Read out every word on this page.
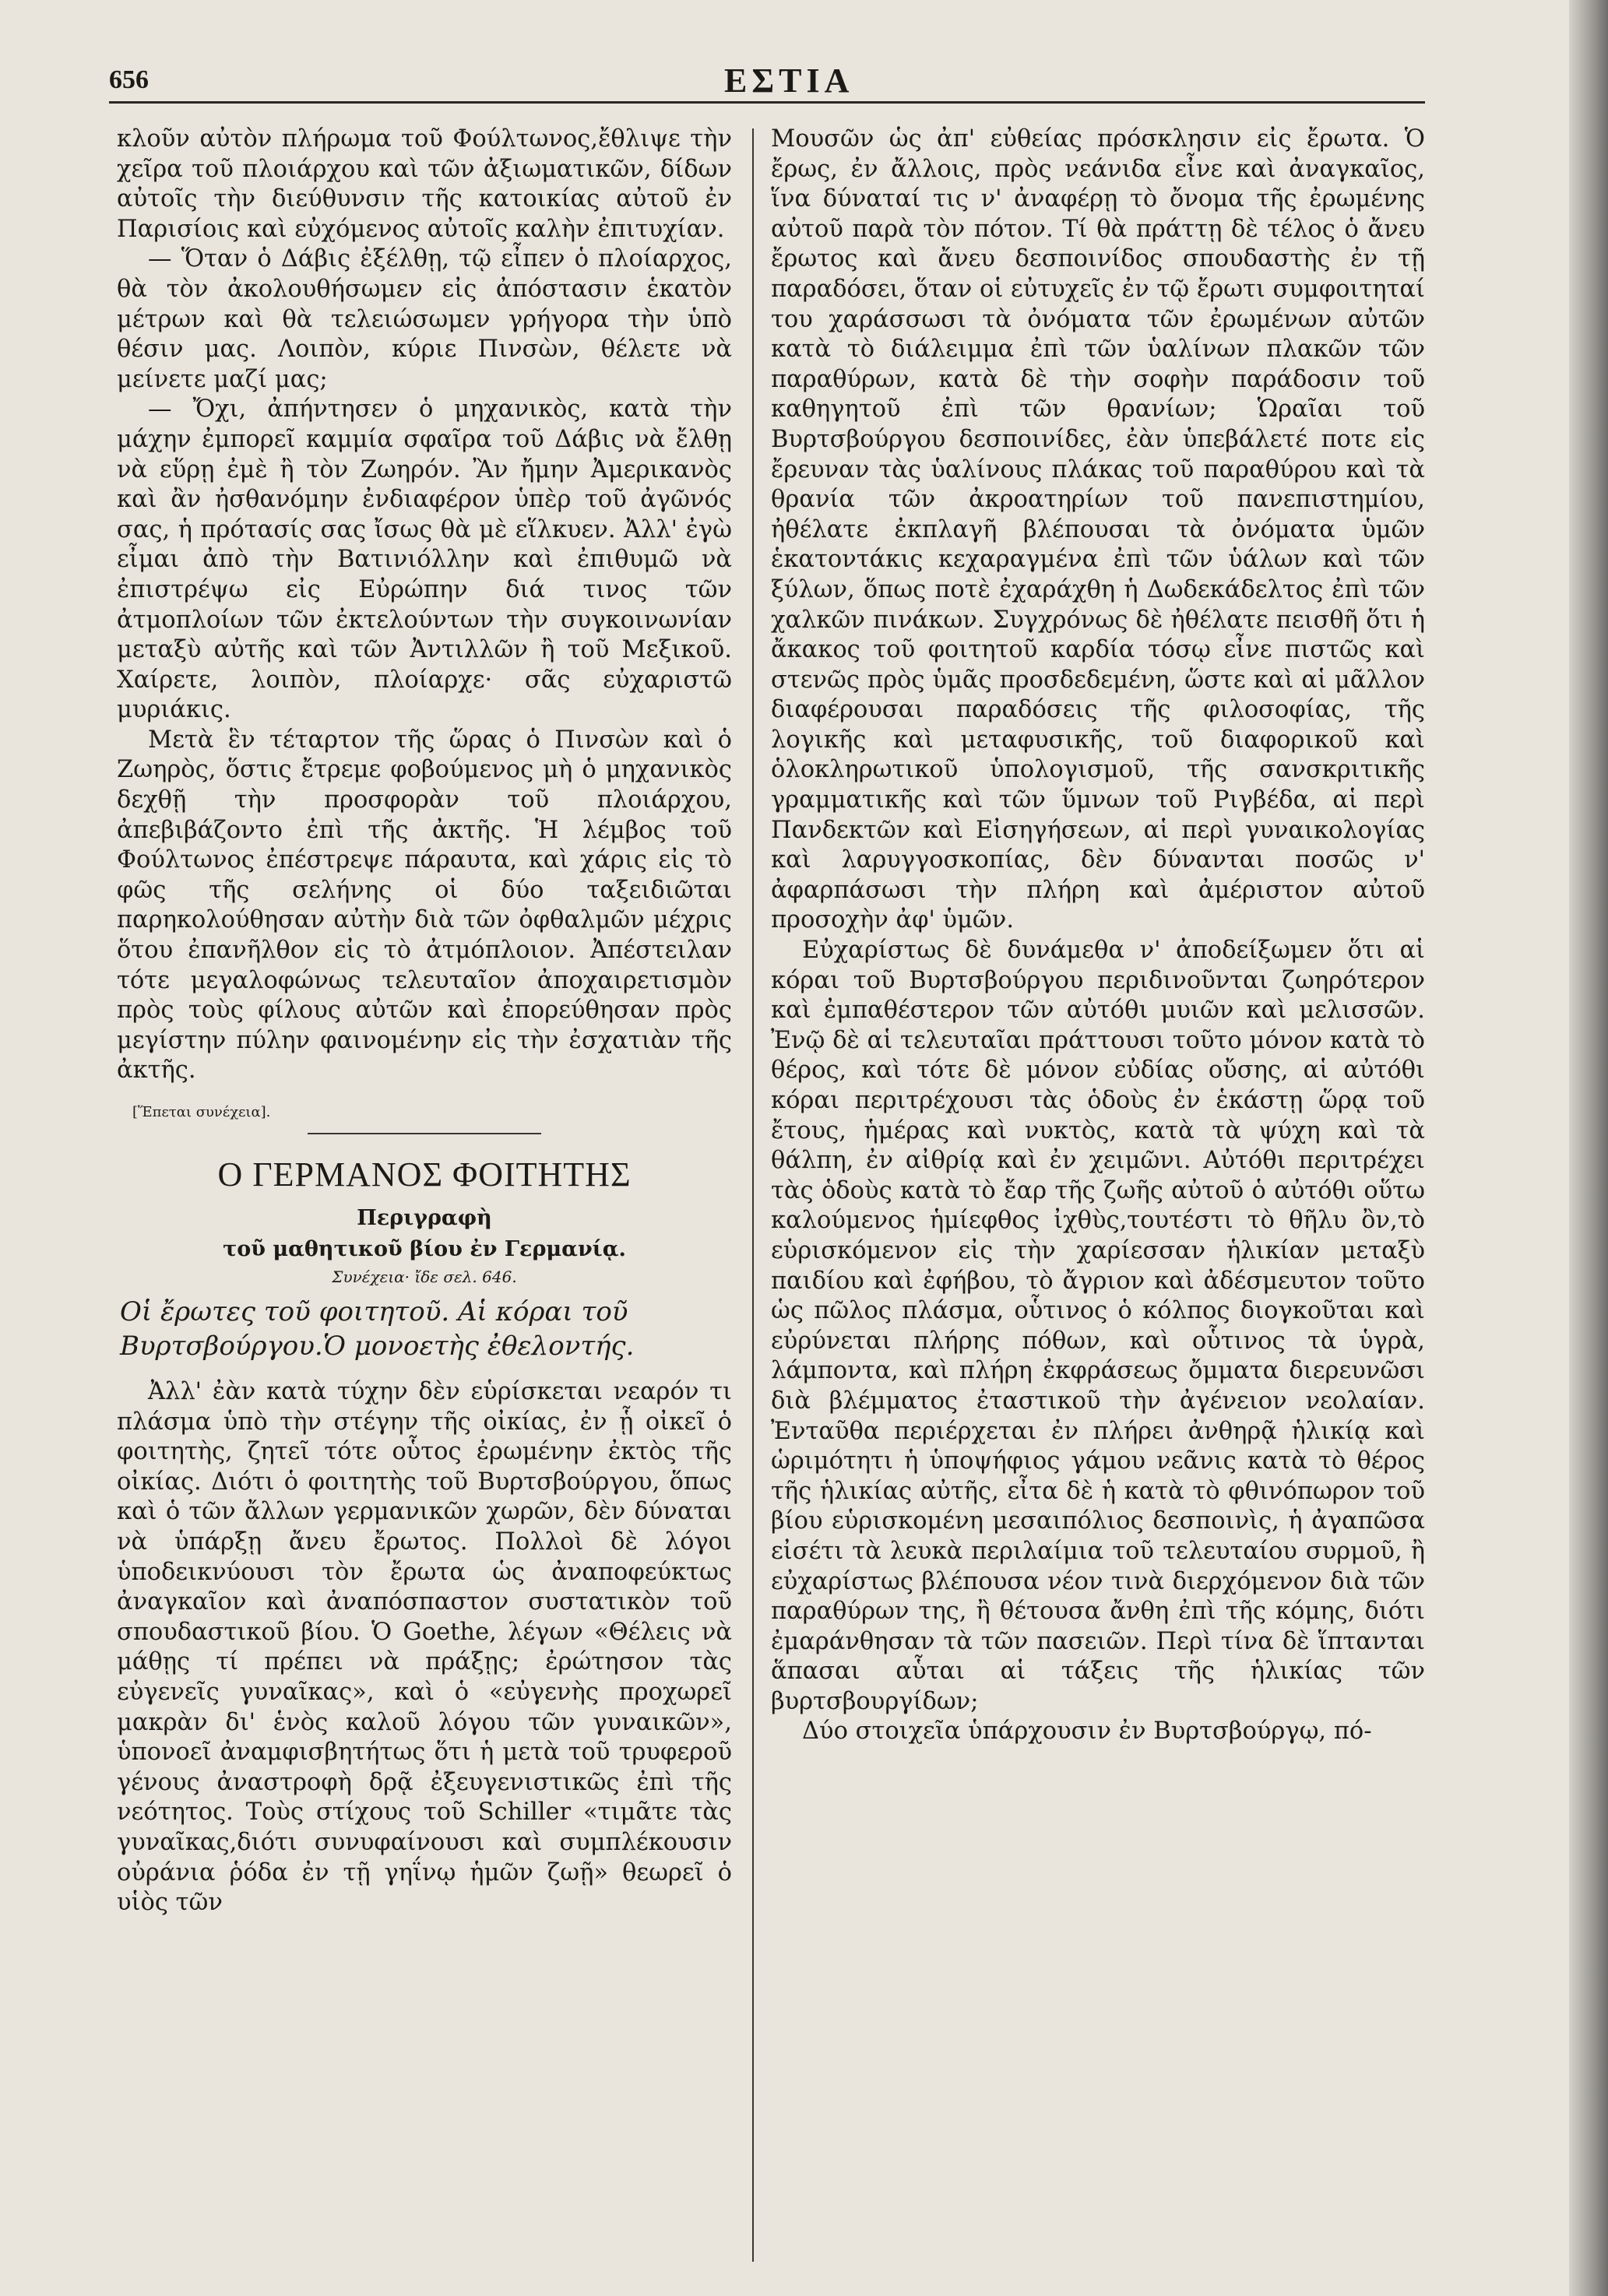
656	ΕΣΤΙΑ

κλοῦν αὐτὸν πλήρωμα τοῦ Φούλτωνος,ἔθλιψε τὴν χεῖρα τοῦ πλοιάρχου καὶ τῶν ἀξιωματικῶν, δίδων αὐτοῖς τὴν διεύθυνσιν τῆς κατοικίας αὐτοῦ ἐν Παρισίοις καὶ εὐχόμενος αὐτοῖς καλὴν ἐπιτυχίαν.

— Ὅταν ὁ Δάβις ἐξέλθῃ, τῷ εἶπεν ὁ πλοίαρχος, θὰ τὸν ἀκολουθήσωμεν εἰς ἀπόστασιν ἑκατὸν μέτρων καὶ θὰ τελειώσωμεν γρήγορα τὴν ὑπὸ θέσιν μας. Λοιπὸν, κύριε Πινσὼν, θέλετε νὰ μείνετε μαζί μας;

— Ὄχι, ἀπήντησεν ὁ μηχανικὸς, κατὰ τὴν μάχην ἐμπορεῖ καμμία σφαῖρα τοῦ Δάβις νὰ ἔλθῃ νὰ εὕρῃ ἐμὲ ἢ τὸν Ζωηρόν. Ἂν ἤμην Ἀμερικανὸς καὶ ἂν ἠσθανόμην ἐνδιαφέρον ὑπὲρ τοῦ ἀγῶνός σας, ἡ πρότασίς σας ἴσως θὰ μὲ εἵλκυεν. Ἀλλ' ἐγὼ εἶμαι ἀπὸ τὴν Βατινιόλλην καὶ ἐπιθυμῶ νὰ ἐπιστρέψω εἰς Εὐρώπην διά τινος τῶν ἀτμοπλοίων τῶν ἐκτελούντων τὴν συγκοινωνίαν μεταξὺ αὐτῆς καὶ τῶν Ἀντιλλῶν ἢ τοῦ Μεξικοῦ. Χαίρετε, λοιπὸν, πλοίαρχε· σᾶς εὐχαριστῶ μυριάκις.

Μετὰ ἓν τέταρτον τῆς ὥρας ὁ Πινσὼν καὶ ὁ Ζωηρὸς, ὅστις ἔτρεμε φοβούμενος μὴ ὁ μηχανικὸς δεχθῇ τὴν προσφορὰν τοῦ πλοιάρχου, ἀπεβιβάζοντο ἐπὶ τῆς ἀκτῆς. Ἡ λέμβος τοῦ Φούλτωνος ἐπέστρεψε πάραυτα, καὶ χάρις εἰς τὸ φῶς τῆς σελήνης οἱ δύο ταξειδιῶται παρηκολούθησαν αὐτὴν διὰ τῶν ὀφθαλμῶν μέχρις ὅτου ἐπανῆλθον εἰς τὸ ἀτμόπλοιον. Ἀπέστειλαν τότε μεγαλοφώνως τελευταῖον ἀποχαιρετισμὸν πρὸς τοὺς φίλους αὐτῶν καὶ ἐπορεύθησαν πρὸς μεγίστην πύλην φαινομένην εἰς τὴν ἐσχατιὰν τῆς ἀκτῆς.

[Ἕπεται συνέχεια].
Ο ΓΕΡΜΑΝΟΣ ΦΟΙΤΗΤΗΣ
Περιγραφὴ
τοῦ μαθητικοῦ βίου ἐν Γερμανίᾳ.
Συνέχεια· ἴδε σελ. 646.
Οἱ ἔρωτες τοῦ φοιτητοῦ. Αἱ κόραι τοῦ Βυρτσβούργου.Ὁ μονοετὴς ἐθελοντής.

Ἀλλ' ἐὰν κατὰ τύχην δὲν εὑρίσκεται νεαρόν τι πλάσμα ὑπὸ τὴν στέγην τῆς οἰκίας, ἐν ᾗ οἰκεῖ ὁ φοιτητὴς, ζητεῖ τότε οὗτος ἐρωμένην ἐκτὸς τῆς οἰκίας. Διότι ὁ φοιτητὴς τοῦ Βυρτσβούργου, ὅπως καὶ ὁ τῶν ἄλλων γερμανικῶν χωρῶν, δὲν δύναται νὰ ὑπάρξῃ ἄνευ ἔρωτος. Πολλοὶ δὲ λόγοι ὑποδεικνύουσι τὸν ἔρωτα ὡς ἀναποφεύκτως ἀναγκαῖον καὶ ἀναπόσπαστον συστατικὸν τοῦ σπουδαστικοῦ βίου. Ὁ Goethe, λέγων «Θέλεις νὰ μάθῃς τί πρέπει νὰ πράξῃς; ἐρώτησον τὰς εὐγενεῖς γυναῖκας», καὶ ὁ «εὐγενὴς προχωρεῖ μακρὰν δι' ἑνὸς καλοῦ λόγου τῶν γυναικῶν», ὑπονοεῖ ἀναμφισβητήτως ὅτι ἡ μετὰ τοῦ τρυφεροῦ γένους ἀναστροφὴ δρᾷ ἐξευγενιστικῶς ἐπὶ τῆς νεότητος. Τοὺς στίχους τοῦ Schiller «τιμᾶτε τὰς γυναῖκας,διότι συνυφαίνουσι καὶ συμπλέκουσιν οὐράνια ῥόδα ἐν τῇ γηΐνῳ ἡμῶν ζωῇ» θεωρεῖ ὁ υἱὸς τῶν

Μουσῶν ὡς ἀπ' εὐθείας πρόσκλησιν εἰς ἔρωτα. Ὁ ἔρως, ἐν ἄλλοις, πρὸς νεάνιδα εἶνε καὶ ἀναγκαῖος, ἵνα δύναταί τις ν' ἀναφέρῃ τὸ ὄνομα τῆς ἐρωμένης αὐτοῦ παρὰ τὸν πότον. Τί θὰ πράττῃ δὲ τέλος ὁ ἄνευ ἔρωτος καὶ ἄνευ δεσποινίδος σπουδαστὴς ἐν τῇ παραδόσει, ὅταν οἱ εὐτυχεῖς ἐν τῷ ἔρωτι συμφοιτηταί του χαράσσωσι τὰ ὀνόματα τῶν ἐρωμένων αὐτῶν κατὰ τὸ διάλειμμα ἐπὶ τῶν ὑαλίνων πλακῶν τῶν παραθύρων, κατὰ δὲ τὴν σοφὴν παράδοσιν τοῦ καθηγητοῦ ἐπὶ τῶν θρανίων; Ὡραῖαι τοῦ Βυρτσβούργου δεσποινίδες, ἐὰν ὑπεβάλετέ ποτε εἰς ἔρευναν τὰς ὑαλίνους πλάκας τοῦ παραθύρου καὶ τὰ θρανία τῶν ἀκροατηρίων τοῦ πανεπιστημίου, ἠθέλατε ἐκπλαγῆ βλέπουσαι τὰ ὀνόματα ὑμῶν ἑκατοντάκις κεχαραγμένα ἐπὶ τῶν ὑάλων καὶ τῶν ξύλων, ὅπως ποτὲ ἐχαράχθη ἡ Δωδεκάδελτος ἐπὶ τῶν χαλκῶν πινάκων. Συγχρόνως δὲ ἠθέλατε πεισθῆ ὅτι ἡ ἄκακος τοῦ φοιτητοῦ καρδία τόσῳ εἶνε πιστῶς καὶ στενῶς πρὸς ὑμᾶς προσδεδεμένη, ὥστε καὶ αἱ μᾶλλον διαφέρουσαι παραδόσεις τῆς φιλοσοφίας, τῆς λογικῆς καὶ μεταφυσικῆς, τοῦ διαφορικοῦ καὶ ὁλοκληρωτικοῦ ὑπολογισμοῦ, τῆς σανσκριτικῆς γραμματικῆς καὶ τῶν ὕμνων τοῦ Ριγβέδα, αἱ περὶ Πανδεκτῶν καὶ Εἰσηγήσεων, αἱ περὶ γυναικολογίας καὶ λαρυγγοσκοπίας, δὲν δύνανται ποσῶς ν' ἀφαρπάσωσι τὴν πλήρη καὶ ἀμέριστον αὐτοῦ προσοχὴν ἀφ' ὑμῶν.

Εὐχαρίστως δὲ δυνάμεθα ν' ἀποδείξωμεν ὅτι αἱ κόραι τοῦ Βυρτσβούργου περιδινοῦνται ζωηρότερον καὶ ἐμπαθέστερον τῶν αὐτόθι μυιῶν καὶ μελισσῶν. Ἐνῷ δὲ αἱ τελευταῖαι πράττουσι τοῦτο μόνον κατὰ τὸ θέρος, καὶ τότε δὲ μόνον εὐδίας οὔσης, αἱ αὐτόθι κόραι περιτρέχουσι τὰς ὁδοὺς ἐν ἑκάστῃ ὥρᾳ τοῦ ἔτους, ἡμέρας καὶ νυκτὸς, κατὰ τὰ ψύχη καὶ τὰ θάλπη, ἐν αἰθρίᾳ καὶ ἐν χειμῶνι. Αὐτόθι περιτρέχει τὰς ὁδοὺς κατὰ τὸ ἔαρ τῆς ζωῆς αὐτοῦ ὁ αὐτόθι οὕτω καλούμενος ἡμίεφθος ἰχθὺς,τουτέστι τὸ θῆλυ ὂν,τὸ εὑρισκόμενον εἰς τὴν χαρίεσσαν ἡλικίαν μεταξὺ παιδίου καὶ ἐφήβου, τὸ ἄγριον καὶ ἀδέσμευτον τοῦτο ὡς πῶλος πλάσμα, οὗτινος ὁ κόλπος διογκοῦται καὶ εὐρύνεται πλήρης πόθων, καὶ οὗτινος τὰ ὑγρὰ, λάμποντα, καὶ πλήρη ἐκφράσεως ὄμματα διερευνῶσι διὰ βλέμματος ἐταστικοῦ τὴν ἀγένειον νεολαίαν. Ἐνταῦθα περιέρχεται ἐν πλήρει ἀνθηρᾷ ἡλικίᾳ καὶ ὡριμότητι ἡ ὑποψήφιος γάμου νεᾶνις κατὰ τὸ θέρος τῆς ἡλικίας αὐτῆς, εἶτα δὲ ἡ κατὰ τὸ φθινόπωρον τοῦ βίου εὑρισκομένη μεσαιπόλιος δεσποινὶς, ἡ ἀγαπῶσα εἰσέτι τὰ λευκὰ περιλαίμια τοῦ τελευταίου συρμοῦ, ἢ εὐχαρίστως βλέπουσα νέον τινὰ διερχόμενον διὰ τῶν παραθύρων της, ἢ θέτουσα ἄνθη ἐπὶ τῆς κόμης, διότι ἐμαράνθησαν τὰ τῶν πασειῶν. Περὶ τίνα δὲ ἵπτανται ἅπασαι αὗται αἱ τάξεις τῆς ἡλικίας τῶν βυρτσβουργίδων;

Δύο στοιχεῖα ὑπάρχουσιν ἐν Βυρτσβούργῳ, πό-
